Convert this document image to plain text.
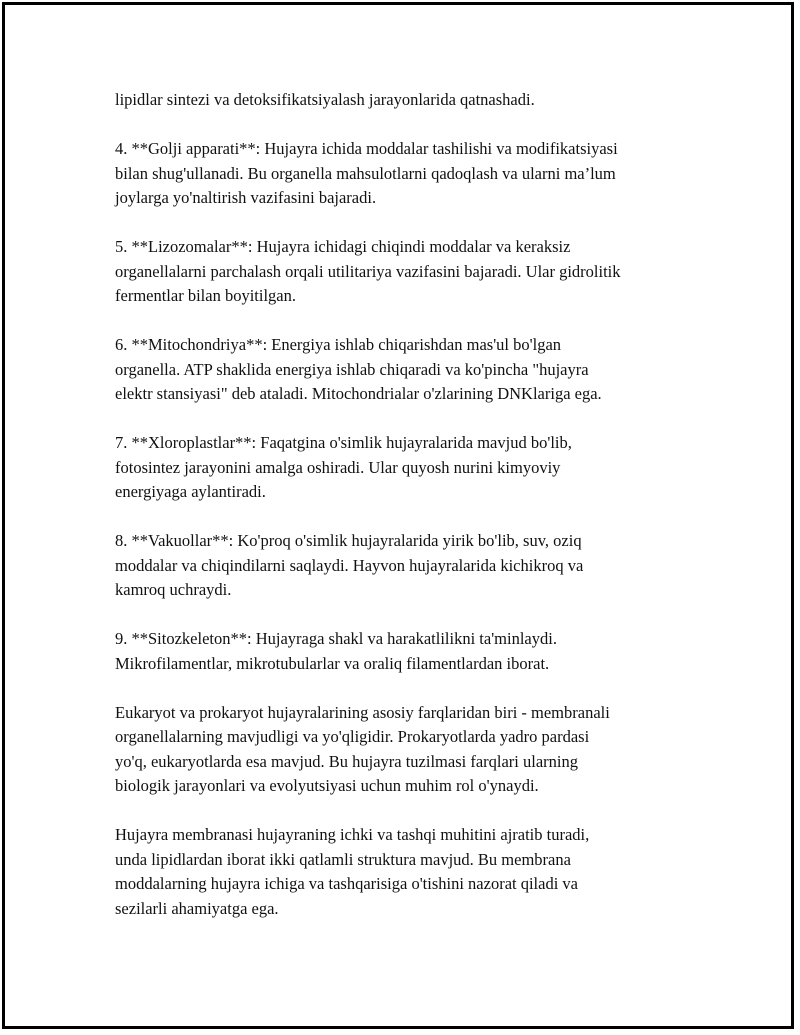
lipidlar sintezi va detoksifikatsiyalash jarayonlarida qatnashadi.

4. **Golji apparati**: Hujayra ichida moddalar tashilishi va modifikatsiyasi
bilan shug'ullanadi. Bu organella mahsulotlarni qadoqlash va ularni ma’lum
joylarga yo'naltirish vazifasini bajaradi.

5. **Lizozomalar**: Hujayra ichidagi chiqindi moddalar va keraksiz
organellalarni parchalash orqali utilitariya vazifasini bajaradi. Ular gidrolitik
fermentlar bilan boyitilgan.

6. **Mitochondriya**: Energiya ishlab chiqarishdan mas'ul bo'lgan
organella. ATP shaklida energiya ishlab chiqaradi va ko'pincha "hujayra
elektr stansiyasi" deb ataladi. Mitochondrialar o'zlarining DNKlariga ega.

7. **Xloroplastlar**: Faqatgina o'simlik hujayralarida mavjud bo'lib,
fotosintez jarayonini amalga oshiradi. Ular quyosh nurini kimyoviy
energiyaga aylantiradi.

8. **Vakuollar**: Ko'proq o'simlik hujayralarida yirik bo'lib, suv, oziq
moddalar va chiqindilarni saqlaydi. Hayvon hujayralarida kichikroq va
kamroq uchraydi.

9. **Sitozkeleton**: Hujayraga shakl va harakatlilikni ta'minlaydi.
Mikrofilamentlar, mikrotubularlar va oraliq filamentlardan iborat.

Eukaryot va prokaryot hujayralarining asosiy farqlaridan biri - membranali
organellalarning mavjudligi va yo'qligidir. Prokaryotlarda yadro pardasi
yo'q, eukaryotlarda esa mavjud. Bu hujayra tuzilmasi farqlari ularning
biologik jarayonlari va evolyutsiyasi uchun muhim rol o'ynaydi.

Hujayra membranasi hujayraning ichki va tashqi muhitini ajratib turadi,
unda lipidlardan iborat ikki qatlamli struktura mavjud. Bu membrana
moddalarning hujayra ichiga va tashqarisiga o'tishini nazorat qiladi va
sezilarli ahamiyatga ega.
